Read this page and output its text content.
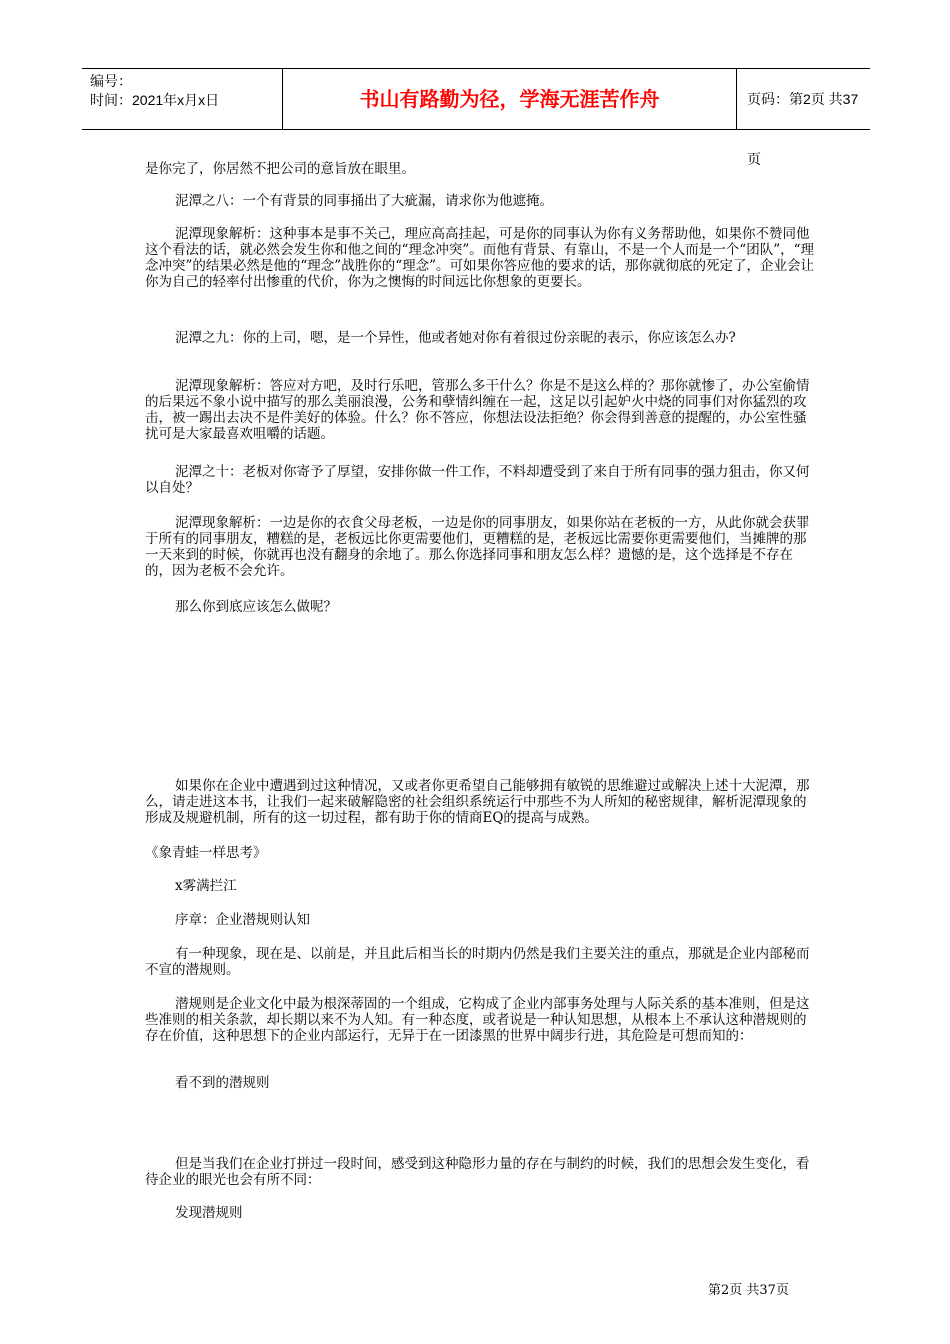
编号：
时间：2021年x月x日	书山有路勤为径，学海无涯苦作舟	页码：第2页 共37页

是你完了，你居然不把公司的意旨放在眼里。

泥潭之八：一个有背景的同事捅出了大疵漏，请求你为他遮掩。

泥潭现象解析：这种事本是事不关己，理应高高挂起，可是你的同事认为你有义务帮助他，如果你不赞同他这个看法的话，就必然会发生你和他之间的“理念冲突”。而他有背景、有靠山，不是一个人而是一个“团队”，“理念冲突”的结果必然是他的“理念”战胜你的“理念”。可如果你答应他的要求的话，那你就彻底的死定了，企业会让你为自己的轻率付出惨重的代价，你为之懊悔的时间远比你想象的更要长。

泥潭之九：你的上司，嗯，是一个异性，他或者她对你有着很过份亲昵的表示，你应该怎么办?

泥潭现象解析：答应对方吧，及时行乐吧，管那么多干什么？你是不是这么样的？那你就惨了，办公室偷情的后果远不象小说中描写的那么美丽浪漫，公务和孽情纠缠在一起，这足以引起妒火中烧的同事们对你猛烈的攻击，被一踢出去决不是件美好的体验。什么？你不答应，你想法设法拒绝？你会得到善意的提醒的，办公室性骚扰可是大家最喜欢咀嚼的话题。

泥潭之十：老板对你寄予了厚望，安排你做一件工作，不料却遭受到了来自于所有同事的强力狙击，你又何以自处？

泥潭现象解析：一边是你的衣食父母老板，一边是你的同事朋友，如果你站在老板的一方，从此你就会获罪于所有的同事朋友，糟糕的是，老板远比你更需要他们，更糟糕的是，老板远比需要你更需要他们，当摊牌的那一天来到的时候，你就再也没有翻身的余地了。那么你选择同事和朋友怎么样？遗憾的是，这个选择是不存在的，因为老板不会允许。

那么你到底应该怎么做呢？

如果你在企业中遭遇到过这种情况，又或者你更希望自己能够拥有敏锐的思维避过或解决上述十大泥潭，那么，请走进这本书，让我们一起来破解隐密的社会组织系统运行中那些不为人所知的秘密规律，解析泥潭现象的形成及规避机制，所有的这一切过程，都有助于你的情商EQ的提高与成熟。

《象青蛙一样思考》

x雾满拦江

序章：企业潜规则认知

有一种现象，现在是、以前是，并且此后相当长的时期内仍然是我们主要关注的重点，那就是企业内部秘而不宣的潜规则。

潜规则是企业文化中最为根深蒂固的一个组成，它构成了企业内部事务处理与人际关系的基本准则，但是这些准则的相关条款，却长期以来不为人知。有一种态度，或者说是一种认知思想，从根本上不承认这种潜规则的存在价值，这种思想下的企业内部运行，无异于在一团漆黑的世界中阔步行进，其危险是可想而知的：

看不到的潜规则

但是当我们在企业打拼过一段时间，感受到这种隐形力量的存在与制约的时候，我们的思想会发生变化，看待企业的眼光也会有所不同：

发现潜规则

第2页 共37页
